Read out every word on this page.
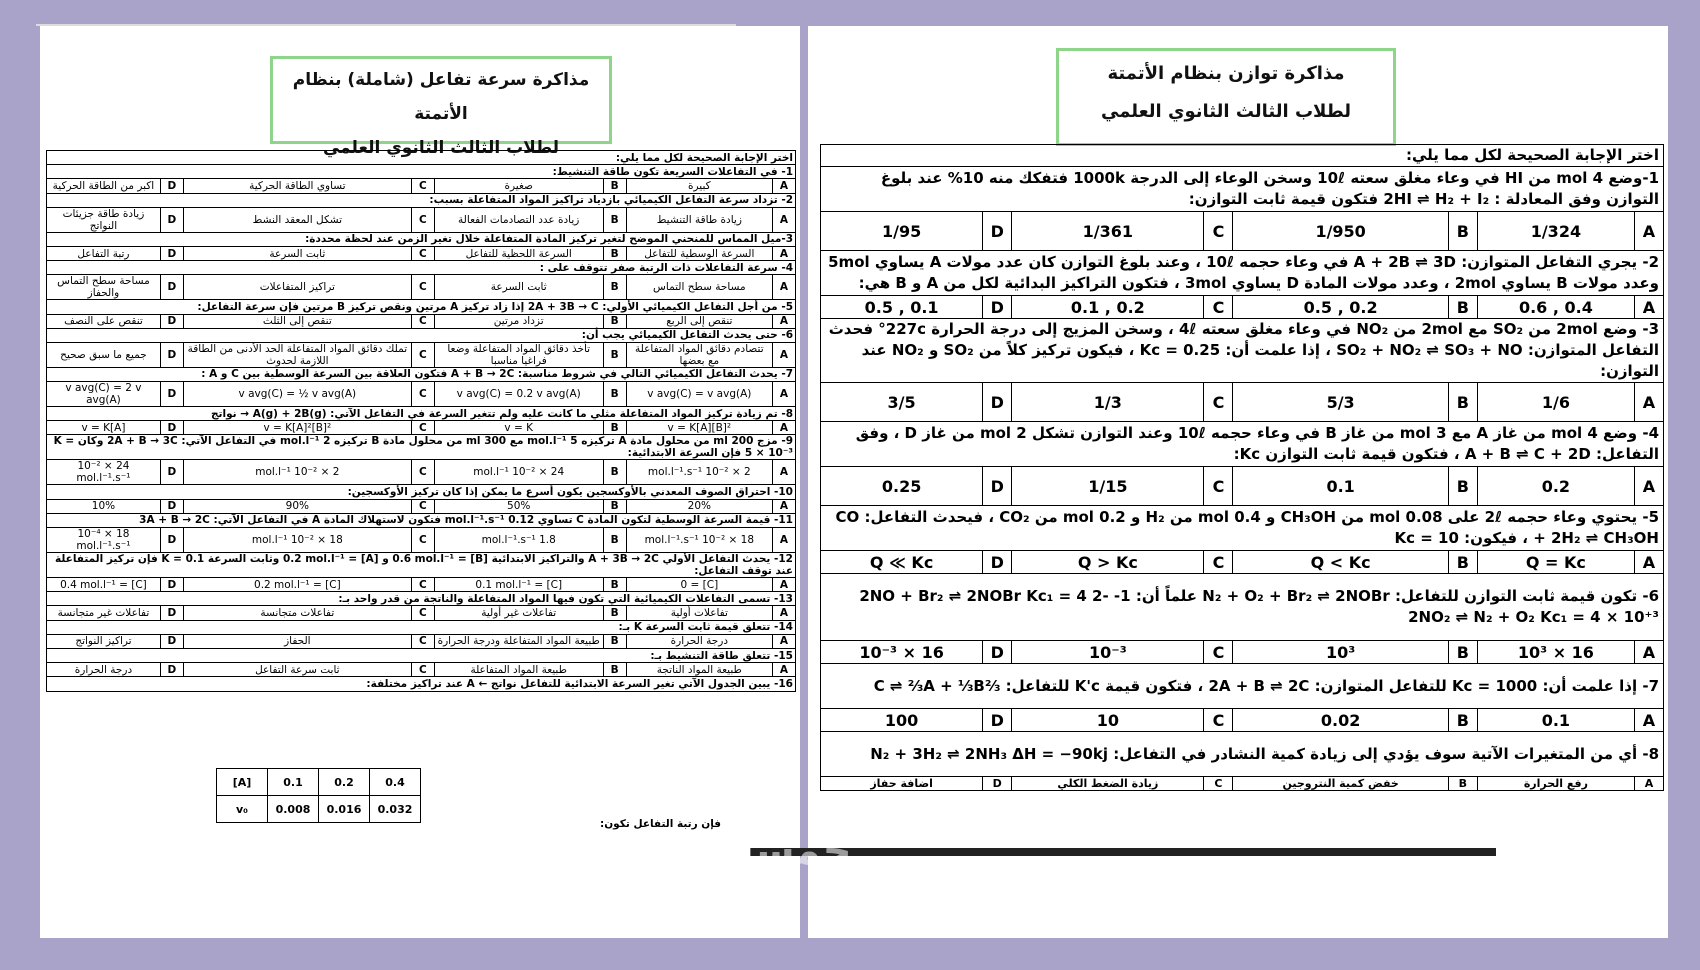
مذاكرة سرعة تفاعل (شاملة) بنظام الأتمتة
لطلاب الثالث الثانوي العلمي	اختر الإجابة الصحيحة لكل مما يلي:							
1- في التفاعلات السريعة تكون طاقة التنشيط:							
A	كبيرة	B	صغيرة	C	تساوي الطاقة الحركية	D	اكبر من الطاقة الحركية
2- تزداد سرعة التفاعل الكيميائي بازدياد تراكيز المواد المتفاعلة بسبب:							
A	زيادة طاقة التنشيط	B	زيادة عدد التصادمات الفعالة	C	تشكل المعقد النشط	D	زيادة طاقة جزيئات النواتج
3-ميل المماس للمنحني الموضح لتغير تركيز المادة المتفاعلة خلال تغير الزمن عند لحظة محددة:							
A	السرعة الوسطية للتفاعل	B	السرعة اللحظية للتفاعل	C	ثابت السرعة	D	رتبة التفاعل
4- سرعة التفاعلات ذات الرتبة صفر تتوقف على :							
A	مساحة سطح التماس	B	ثابت السرعة	C	تراكيز المتفاعلات	D	مساحة سطح التماس والحفاز
5- من أجل التفاعل الكيميائي الأولي: 2A + 3B → C إذا زاد تركيز A مرتين ونقص تركيز B مرتين فإن سرعة التفاعل:							
A	تنقص إلى الربع	B	تزداد مرتين	C	تنقص إلى الثلث	D	تنقص على النصف
6- حتى يحدث التفاعل الكيميائي يجب أن:							
A	تتصادم دقائق المواد المتفاعلة مع بعضها	B	تأخذ دقائق المواد المتفاعلة وضعا فراغيا مناسبا	C	تملك دقائق المواد المتفاعلة الحد الأدنى من الطاقة اللازمة لحدوث	D	جميع ما سبق صحيح
7- يحدث التفاعل الكيميائي التالي في شروط مناسبة: A + B → 2C فتكون العلاقة بين السرعة الوسطية بين C و A :							
A	v avg(C) = v avg(A)	B	v avg(C) = 0.2 v avg(A)	C	v avg(C) = ½ v avg(A)	D	v avg(C) = 2 v avg(A)
8- تم زيادة تركيز المواد المتفاعلة مثلي ما كانت عليه ولم تتغير السرعة في التفاعل الآتي: A(g) + 2B(g) → نواتج							
A	v = K[A][B]²	B	v = K	C	v = K[A]²[B]²	D	v = K[A]
9- مزج 200 ml من محلول مادة A تركيزه 5 mol.l⁻¹ مع 300 ml من محلول مادة B تركيزه 2 mol.l⁻¹ في التفاعل الآتي: 2A + B → 3C وكان K = 5 × 10⁻³ فإن السرعة الابتدائية:							
A	2 × 10⁻² mol.l⁻¹.s⁻¹	B	24 × 10⁻² mol.l⁻¹	C	2 × 10⁻² mol.l⁻¹	D	24 × 10⁻² mol.l⁻¹.s⁻¹
10- احتراق الصوف المعدني بالأوكسجين يكون أسرع ما يمكن إذا كان تركيز الأوكسجين:							
A	20%	B	50%	C	90%	D	10%
11- قيمة السرعة الوسطية لتكون المادة C تساوي 0.12 mol.l⁻¹.s⁻¹ فتكون لاستهلاك المادة A في التفاعل الآتي: 3A + B → 2C							
A	18 × 10⁻² mol.l⁻¹.s⁻¹	B	1.8 mol.l⁻¹.s⁻¹	C	18 × 10⁻² mol.l⁻¹	D	18 × 10⁻⁴ mol.l⁻¹.s⁻¹
12- يحدث التفاعل الأولي A + 3B → 2C والتراكيز الابتدائية [B] = 0.6 mol.l⁻¹ و [A] = 0.2 mol.l⁻¹ وثابت السرعة K = 0.1 فإن تركيز المتفاعلة عند توقف التفاعل:							
A	[C] = 0	B	[C] = 0.1 mol.l⁻¹	C	[C] = 0.2 mol.l⁻¹	D	[C] = 0.4 mol.l⁻¹
13- تسمى التفاعلات الكيميائية التي تكون فيها المواد المتفاعلة والناتجة من قدر واحد بـ:							
A	تفاعلات أولية	B	تفاعلات غير أولية	C	تفاعلات متجانسة	D	تفاعلات غير متجانسة
14- تتعلق قيمة ثابت السرعة K بـ:							
A	درجة الحرارة	B	طبيعة المواد المتفاعلة ودرجة الحرارة	C	الحفاز	D	تراكيز النواتج
15- تتعلق طاقة التنشيط بـ:							
A	طبيعة المواد الناتجة	B	طبيعة المواد المتفاعلة	C	ثابت سرعة التفاعل	D	درجة الحرارة
16- يبين الجدول الآتي تغير السرعة الابتدائية للتفاعل نواتج ← A عند تراكيز مختلفة:							
[A]	0.1	0.2	0.4
v₀	0.008	0.016	0.032
فإن رتبة التفاعل تكون:
مذاكرة توازن بنظام الأتمتة
لطلاب الثالث الثانوي العلمي
اختر الإجابة الصحيحة لكل مما يلي:							
1-وضع 4 mol من HI في وعاء مغلق سعته 10ℓ وسخن الوعاء إلى الدرجة 1000k فتفكك منه 10% عند بلوغ التوازن وفق المعادلة : 2HI ⇌ H₂ + I₂ فتكون قيمة ثابت التوازن:							
A	1/324	B	1/950	C	1/361	D	1/95
2- يجري التفاعل المتوازن: A + 2B ⇌ 3D في وعاء حجمه 10ℓ ، وعند بلوغ التوازن كان عدد مولات A يساوي 5mol وعدد مولات B يساوي 2mol ، وعدد مولات المادة D يساوي 3mol ، فتكون التراكيز البدائية لكل من A و B هي:							
A	0.4 , 0.6	B	0.2 , 0.5	C	0.2 , 0.1	D	0.1 , 0.5
3- وضع 2mol من SO₂ مع 2mol من NO₂ في وعاء مغلق سعته 4ℓ ، وسخن المزيج إلى درجة الحرارة 227c° فحدث التفاعل المتوازن: SO₂ + NO₂ ⇌ SO₃ + NO ، إذا علمت أن: Kc = 0.25 ، فيكون تركيز كلاً من SO₂ و NO₂ عند التوازن:							
A	1/6	B	5/3	C	1/3	D	3/5
4- وضع 4 mol من غاز A مع 3 mol من غاز B في وعاء حجمه 10ℓ وعند التوازن تشكل 2 mol من غاز D ، وفق التفاعل: A + B ⇌ C + 2D ، فتكون قيمة ثابت التوازن Kc:							
A	0.2	B	0.1	C	1/15	D	0.25
5- يحتوي وعاء حجمه 2ℓ على 0.08 mol من CH₃OH و 0.4 mol من H₂ و 0.2 mol من CO₂ ، فيحدث التفاعل: CO + 2H₂ ⇌ CH₃OH ، فيكون: Kc = 10							
A	Q = Kc	B	Q < Kc	C	Q > Kc	D	Q ≪ Kc
6- تكون قيمة ثابت التوازن للتفاعل: N₂ + O₂ + Br₂ ⇌ 2NOBr علماً أن: 1- 2NO + Br₂ ⇌ 2NOBr Kc₁ = 4 2- 2NO₂ ⇌ N₂ + O₂ Kc₁ = 4 × 10⁺³							
A	16 × 10³	B	10³	C	10⁻³	D	16 × 10⁻³
7- إذا علمت أن: Kc = 1000 للتفاعل المتوازن: 2A + B ⇌ 2C ، فتكون قيمة K'c للتفاعل: ⅔C ⇌ ⅔A + ⅓B							
A	0.1	B	0.02	C	10	D	100
8- أي من المتغيرات الآتية سوف يؤدي إلى زيادة كمية النشادر في التفاعل: N₂ + 3H₂ ⇌ 2NH₃ ΔH = −90kj							
A	رفع الحرارة	B	خفض كمية النتروجين	C	زيادة الضغط الكلي	D	اضافة حفاز
خمسات
